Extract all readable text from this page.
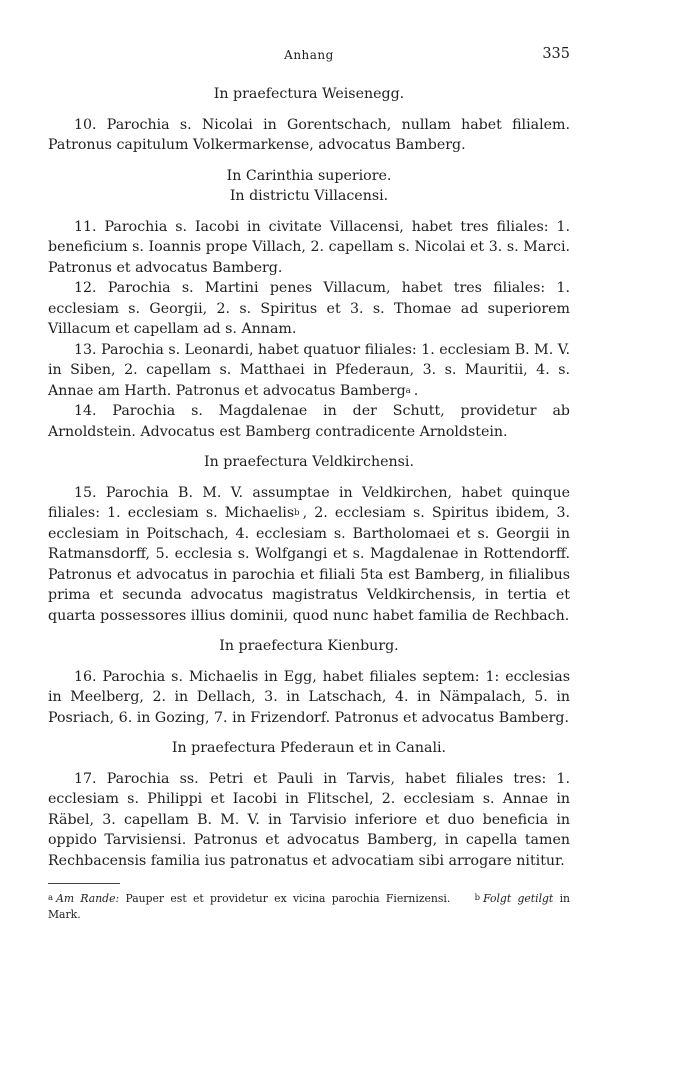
Anhang	335
In praefectura Weisenegg.

10. Parochia s. Nicolai in Gorentschach, nullam habet filialem. Patronus capitulum Volkermarkense, advocatus Bamberg.

In Carinthia superiore.
In districtu Villacensi.

11. Parochia s. Iacobi in civitate Villacensi, habet tres filiales: 1. beneficium s. Ioannis prope Villach, 2. capellam s. Nicolai et 3. s. Marci. Patronus et advocatus Bamberg.

12. Parochia s. Martini penes Villacum, habet tres filiales: 1. ecclesiam s. Georgii, 2. s. Spiritus et 3. s. Thomae ad superiorem Villacum et capellam ad s. Annam.

13. Parochia s. Leonardi, habet quatuor filiales: 1. ecclesiam B. M. V. in Siben, 2. capellam s. Matthaei in Pfederaun, 3. s. Mauritii, 4. s. Annae am Harth. Patronus et advocatus Bamberg$^a$ .

14. Parochia s. Magdalenae in der Schutt, providetur ab Arnoldstein. Advocatus est Bamberg contradicente Arnoldstein.

In praefectura Veldkirchensi.

15. Parochia B. M. V. assumptae in Veldkirchen, habet quinque filiales: 1. ecclesiam s. Michaelis$^b$ , 2. ecclesiam s. Spiritus ibidem, 3. ecclesiam in Poitschach, 4. ecclesiam s. Bartholomaei et s. Georgii in Ratmansdorff, 5. ecclesia s. Wolfgangi et s. Magdalenae in Rottendorff. Patronus et advocatus in parochia et filiali 5ta est Bamberg, in filialibus prima et secunda advocatus magistratus Veldkirchensis, in tertia et quarta possessores illius dominii, quod nunc habet familia de Rechbach.

In praefectura Kienburg.

16. Parochia s. Michaelis in Egg, habet filiales septem: 1: ecclesias in Meelberg, 2. in Dellach, 3. in Latschach, 4. in Nämpalach, 5. in Posriach, 6. in Gozing, 7. in Frizendorf. Patronus et advocatus Bamberg.

In praefectura Pfederaun et in Canali.

17. Parochia ss. Petri et Pauli in Tarvis, habet filiales tres: 1. ecclesiam s. Philippi et Iacobi in Flitschel, 2. ecclesiam s. Annae in Räbel, 3. capellam B. M. V. in Tarvisio inferiore et duo beneficia in oppido Tarvisiensi. Patronus et advocatus Bamberg, in capella tamen Rechbacensis familia ius patronatus et advocatiam sibi arrogare nititur.

a Am Rande: Pauper est et providetur ex vicina parochia Fiernizensi.	b Folgt getilgt in Mark.
